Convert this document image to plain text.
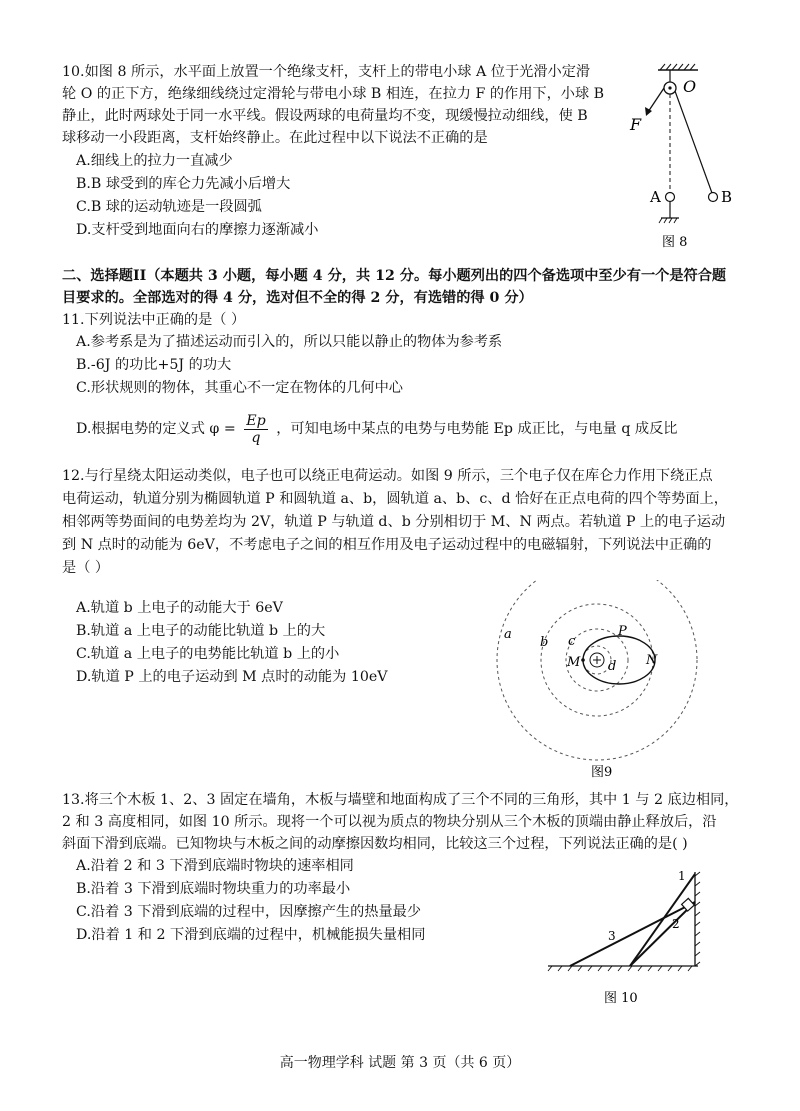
10.如图 8 所示，水平面上放置一个绝缘支杆，支杆上的带电小球 A 位于光滑小定滑
轮 O 的正下方，绝缘细线绕过定滑轮与带电小球 B 相连，在拉力 F 的作用下，小球 B
静止，此时两球处于同一水平线。假设两球的电荷量均不变，现缓慢拉动细线，使 B
球移动一小段距离，支杆始终静止。在此过程中以下说法不正确的是
A.细线上的拉力一直减少
B.B 球受到的库仑力先减小后增大
C.B 球的运动轨迹是一段圆弧
D.支杆受到地面向右的摩擦力逐渐减小
O
F
A	B
图 8
二、选择题II（本题共 3 小题，每小题 4 分，共 12 分。每小题列出的四个备选项中至少有一个是符合题
目要求的。全部选对的得 4 分，选对但不全的得 2 分，有选错的得 0 分）
11.下列说法中正确的是（ ）
A.参考系是为了描述运动而引入的，所以只能以静止的物体为参考系
B.-6J 的功比+5J 的功大
C.形状规则的物体，其重心不一定在物体的几何中心
D.根据电势的定义式 $\varphi = \frac{Ep}{q}$ ，可知电场中某点的电势与电势能 Ep 成正比，与电量 q 成反比
12.与行星绕太阳运动类似，电子也可以绕正电荷运动。如图 9 所示，三个电子仅在库仑力作用下绕正点
电荷运动，轨道分别为椭圆轨道 P 和圆轨道 a、b，圆轨道 a、b、c、d 恰好在正点电荷的四个等势面上，
相邻两等势面间的电势差均为 2V，轨道 P 与轨道 d、b 分别相切于 M、N 两点。若轨道 P 上的电子运动
到 N 点时的动能为 6eV，不考虑电子之间的相互作用及电子运动过程中的电磁辐射，下列说法中正确的
是（ ）
A.轨道 b 上电子的动能大于 6eV
B.轨道 a 上电子的动能比轨道 b 上的大
C.轨道 a 上电子的电势能比轨道 b 上的小
D.轨道 P 上的电子运动到 M 点时的动能为 10eV
a
b c
P
M d N
图9
13.将三个木板 1、2、3 固定在墙角，木板与墙壁和地面构成了三个不同的三角形，其中 1 与 2 底边相同，
2 和 3 高度相同，如图 10 所示。现将一个可以视为质点的物块分别从三个木板的顶端由静止释放后，沿
斜面下滑到底端。已知物块与木板之间的动摩擦因数均相同，比较这三个过程，下列说法正确的是( )
A.沿着 2 和 3 下滑到底端时物块的速率相同
B.沿着 3 下滑到底端时物块重力的功率最小
C.沿着 3 下滑到底端的过程中，因摩擦产生的热量最少
D.沿着 1 和 2 下滑到底端的过程中，机械能损失量相同
1
2
3
图 10
高一物理学科 试题 第 3 页（共 6 页）
